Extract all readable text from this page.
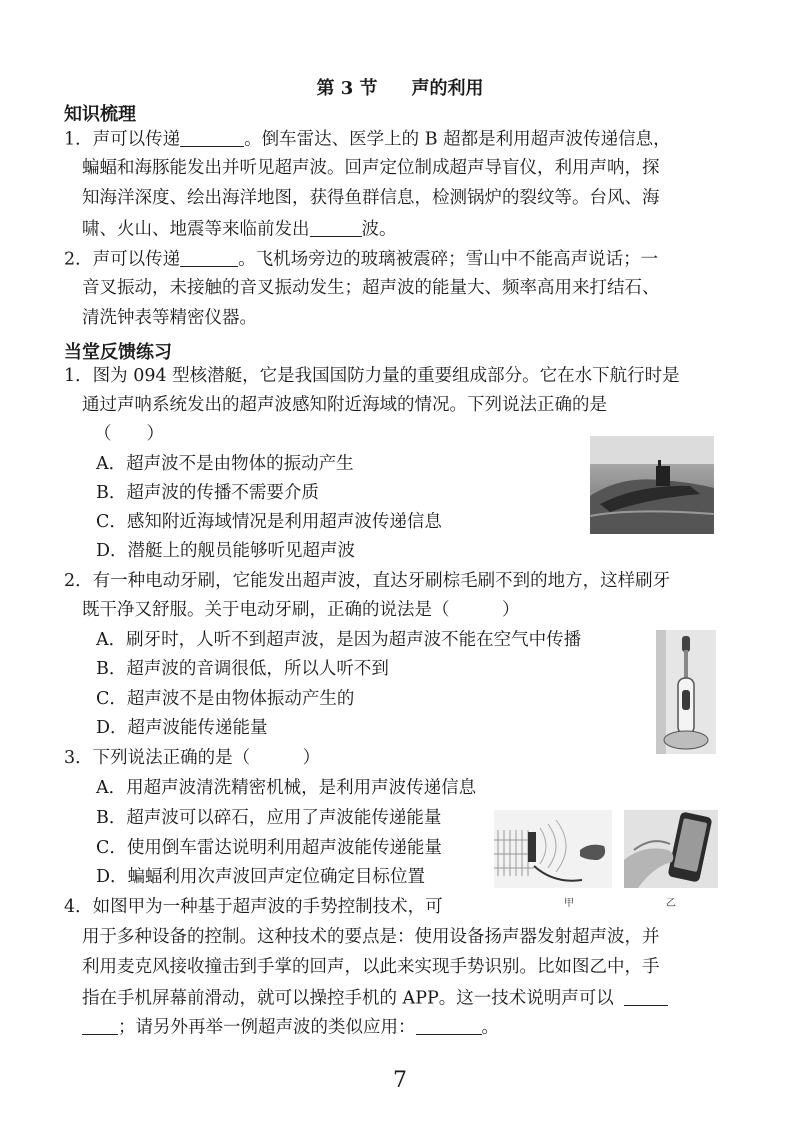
第 3 节 声的利用
知识梳理
1．声可以传递	。倒车雷达、医学上的 B 超都是利用超声波传递信息，
蝙蝠和海豚能发出并听见超声波。回声定位制成超声导盲仪，利用声呐，探
知海洋深度、绘出海洋地图，获得鱼群信息，检测锅炉的裂纹等。台风、海
啸、火山、地震等来临前发出	波。
2．声可以传递	。飞机场旁边的玻璃被震碎；雪山中不能高声说话；一
音叉振动，未接触的音叉振动发生；超声波的能量大、频率高用来打结石、
清洗钟表等精密仪器。
当堂反馈练习
1．图为 094 型核潜艇，它是我国国防力量的重要组成部分。它在水下航行时是
通过声呐系统发出的超声波感知附近海域的情况。下列说法正确的是
（　　）
A．超声波不是由物体的振动产生
B．超声波的传播不需要介质
C．感知附近海域情况是利用超声波传递信息
D．潜艇上的舰员能够听见超声波
2．有一种电动牙刷，它能发出超声波，直达牙刷棕毛刷不到的地方，这样刷牙
既干净又舒服。关于电动牙刷，正确的说法是（　　　）
A．刷牙时，人听不到超声波，是因为超声波不能在空气中传播
B．超声波的音调很低，所以人听不到
C．超声波不是由物体振动产生的
D．超声波能传递能量
3．下列说法正确的是（　　　）
A．用超声波清洗精密机械，是利用声波传递信息
B．超声波可以碎石，应用了声波能传递能量
C．使用倒车雷达说明利用超声波能传递能量
D．蝙蝠利用次声波回声定位确定目标位置
甲	乙
4．如图甲为一种基于超声波的手势控制技术，可
用于多种设备的控制。这种技术的要点是：使用设备扬声器发射超声波，并
利用麦克风接收撞击到手掌的回声，以此来实现手势识别。比如图乙中，手
指在手机屏幕前滑动，就可以操控手机的 APP。这一技术说明声可以
；请另外再举一例超声波的类似应用：	。
7
